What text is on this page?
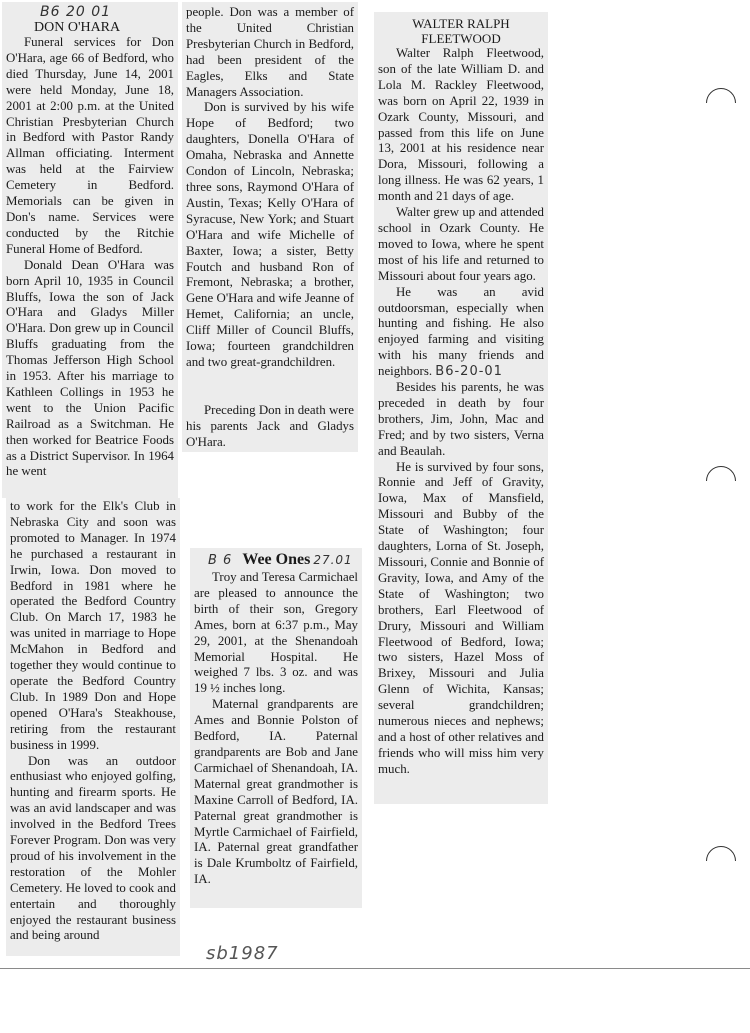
B6 20 01
DON O'HARA

Funeral services for Don O'Hara, age 66 of Bedford, who died Thursday, June 14, 2001 were held Monday, June 18, 2001 at 2:00 p.m. at the United Christian Presbyterian Church in Bedford with Pastor Randy Allman officiating. Interment was held at the Fairview Cemetery in Bedford. Memorials can be given in Don's name. Services were conducted by the Ritchie Funeral Home of Bedford.

Donald Dean O'Hara was born April 10, 1935 in Council Bluffs, Iowa the son of Jack O'Hara and Gladys Miller O'Hara. Don grew up in Council Bluffs graduating from the Thomas Jefferson High School in 1953. After his marriage to Kathleen Collings in 1953 he went to the Union Pacific Railroad as a Switchman. He then worked for Beatrice Foods as a District Supervisor. In 1964 he went

to work for the Elk's Club in Nebraska City and soon was promoted to Manager. In 1974 he purchased a restaurant in Irwin, Iowa. Don moved to Bedford in 1981 where he operated the Bedford Country Club. On March 17, 1983 he was united in marriage to Hope McMahon in Bedford and together they would continue to operate the Bedford Country Club. In 1989 Don and Hope opened O'Hara's Steakhouse, retiring from the restaurant business in 1999.

Don was an outdoor enthusiast who enjoyed golfing, hunting and firearm sports. He was an avid landscaper and was involved in the Bedford Trees Forever Program. Don was very proud of his involvement in the restoration of the Mohler Cemetery. He loved to cook and entertain and thoroughly enjoyed the restaurant business and being around

people. Don was a member of the United Christian Presbyterian Church in Bedford, had been president of the Eagles, Elks and State Managers Association.

Don is survived by his wife Hope of Bedford; two daughters, Donella O'Hara of Omaha, Nebraska and Annette Condon of Lincoln, Nebraska; three sons, Raymond O'Hara of Austin, Texas; Kelly O'Hara of Syracuse, New York; and Stuart O'Hara and wife Michelle of Baxter, Iowa; a sister, Betty Foutch and husband Ron of Fremont, Nebraska; a brother, Gene O'Hara and wife Jeanne of Hemet, California; an uncle, Cliff Miller of Council Bluffs, Iowa; fourteen grandchildren and two great-grandchildren.

Preceding Don in death were his parents Jack and Gladys O'Hara.

B 6 Wee Ones 27.01

Troy and Teresa Carmichael are pleased to announce the birth of their son, Gregory Ames, born at 6:37 p.m., May 29, 2001, at the Shenandoah Memorial Hospital. He weighed 7 lbs. 3 oz. and was 19 ½ inches long.

Maternal grandparents are Ames and Bonnie Polston of Bedford, IA. Paternal grandparents are Bob and Jane Carmichael of Shenandoah, IA. Maternal great grandmother is Maxine Carroll of Bedford, IA. Paternal great grandmother is Myrtle Carmichael of Fairfield, IA. Paternal great grandfather is Dale Krumboltz of Fairfield, IA.

WALTER RALPH
FLEETWOOD

Walter Ralph Fleetwood, son of the late William D. and Lola M. Rackley Fleetwood, was born on April 22, 1939 in Ozark County, Missouri, and passed from this life on June 13, 2001 at his residence near Dora, Missouri, following a long illness. He was 62 years, 1 month and 21 days of age.

Walter grew up and attended school in Ozark County. He moved to Iowa, where he spent most of his life and returned to Missouri about four years ago.

He was an avid outdoorsman, especially when hunting and fishing. He also enjoyed farming and visiting with his many friends and neighbors. B6-20-01

Besides his parents, he was preceded in death by four brothers, Jim, John, Mac and Fred; and by two sisters, Verna and Beaulah.

He is survived by four sons, Ronnie and Jeff of Gravity, Iowa, Max of Mansfield, Missouri and Bubby of the State of Washington; four daughters, Lorna of St. Joseph, Missouri, Connie and Bonnie of Gravity, Iowa, and Amy of the State of Washington; two brothers, Earl Fleetwood of Drury, Missouri and William Fleetwood of Bedford, Iowa; two sisters, Hazel Moss of Brixey, Missouri and Julia Glenn of Wichita, Kansas; several grandchildren; numerous nieces and nephews; and a host of other relatives and friends who will miss him very much.

sb1987
